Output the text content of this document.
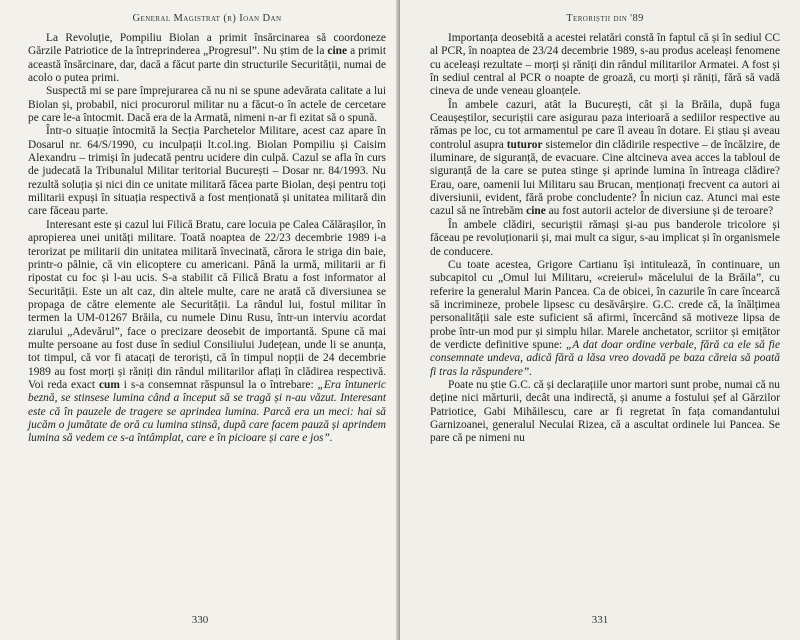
General Magistrat (r) Ioan Dan

La Revoluție, Pompiliu Biolan a primit însărcinarea să coordoneze Gărzile Patriotice de la întreprinderea „Progresul”. Nu știm de la cine a primit această însărcinare, dar, dacă a făcut parte din structurile Securității, numai de acolo o putea primi.

Suspectă mi se pare împrejurarea că nu ni se spune adevărata calitate a lui Biolan și, probabil, nici procurorul militar nu a făcut-o în actele de cercetare pe care le-a întocmit. Dacă era de la Armată, nimeni n-ar fi ezitat să o spună.

Într-o situație întocmită la Secția Parchetelor Militare, acest caz apare în Dosarul nr. 64/S/1990, cu inculpații lt.col.ing. Biolan Pompiliu și Caisim Alexandru – trimiși în judecată pentru ucidere din culpă. Cazul se afla în curs de judecată la Tribunalul Militar teritorial București – Dosar nr. 84/1993. Nu rezultă soluția și nici din ce unitate militară făcea parte Biolan, deși pentru toți militarii expuși în situația respectivă a fost menționată și unitatea militară din care făceau parte.

Interesant este și cazul lui Filică Bratu, care locuia pe Calea Călărașilor, în apropierea unei unități militare. Toată noaptea de 22/23 decembrie 1989 i-a terorizat pe militarii din unitatea militară învecinată, cărora le striga din baie, printr-o pâlnie, că vin elicoptere cu americani. Până la urmă, militarii ar fi ripostat cu foc și l-au ucis. S-a stabilit că Filică Bratu a fost informator al Securității. Este un alt caz, din altele multe, care ne arată că diversiunea se propaga de către elemente ale Securității. La rândul lui, fostul militar în termen la UM-01267 Brăila, cu numele Dinu Rusu, într-un interviu acordat ziarului „Adevărul”, face o precizare deosebit de importantă. Spune că mai multe persoane au fost duse în sediul Consiliului Județean, unde li se anunța, tot timpul, că vor fi atacați de teroriști, că în timpul nopții de 24 decembrie 1989 au fost morți și răniți din rândul militarilor aflați în clădirea respectivă. Voi reda exact cum i s-a consemnat răspunsul la o întrebare: „Era întuneric beznă, se stinsese lumina când a început să se tragă și n-au văzut. Interesant este că în pauzele de tragere se aprindea lumina. Parcă era un meci: hai să jucăm o jumătate de oră cu lumina stinsă, după care facem pauză și aprindem lumina să vedem ce s-a întâmplat, care e în picioare și care e jos”.

330
Teroriștii din '89

Importanța deosebită a acestei relatări constă în faptul că și în sediul CC al PCR, în noaptea de 23/24 decembrie 1989, s-au produs aceleași fenomene cu aceleași rezultate – morți și răniți din rândul militarilor Armatei. A fost și în sediul central al PCR o noapte de groază, cu morți și răniți, fără să vadă cineva de unde veneau gloanțele.

În ambele cazuri, atât la București, cât și la Brăila, după fuga Ceaușeștilor, securiștii care asigurau paza interioară a sediilor respective au rămas pe loc, cu tot armamentul pe care îl aveau în dotare. Ei știau și aveau controlul asupra tuturor sistemelor din clădirile respective – de încălzire, de iluminare, de siguranță, de evacuare. Cine altcineva avea acces la tabloul de siguranță de la care se putea stinge și aprinde lumina în întreaga clădire? Erau, oare, oamenii lui Militaru sau Brucan, menționați frecvent ca autori ai diversiunii, evident, fără probe concludente? În niciun caz. Atunci mai este cazul să ne întrebăm cine au fost autorii actelor de diversiune și de teroare?

În ambele clădiri, securiștii rămași și-au pus banderole tricolore și făceau pe revoluționarii și, mai mult ca sigur, s-au implicat și în organismele de conducere.

Cu toate acestea, Grigore Cartianu își intitulează, în continuare, un subcapitol cu „Omul lui Militaru, «creierul» măcelului de la Brăila”, cu referire la generalul Marin Pancea. Ca de obicei, în cazurile în care încearcă să incrimineze, probele lipsesc cu desăvârșire. G.C. crede că, la înălțimea personalității sale este suficient să afirmi, încercând să motiveze lipsa de probe într-un mod pur și simplu hilar. Marele anchetator, scriitor și emițător de verdicte definitive spune: „A dat doar ordine verbale, fără ca ele să fie consemnate undeva, adică fără a lăsa vreo dovadă pe baza căreia să poată fi tras la răspundere”.

Poate nu știe G.C. că și declarațiile unor martori sunt probe, numai că nu deține nici mărturii, decât una indirectă, și anume a fostului șef al Gărzilor Patriotice, Gabi Mihăilescu, care ar fi regretat în fața comandantului Garnizoanei, generalul Neculai Rizea, că a ascultat ordinele lui Pancea. Se pare că pe nimeni nu

331
